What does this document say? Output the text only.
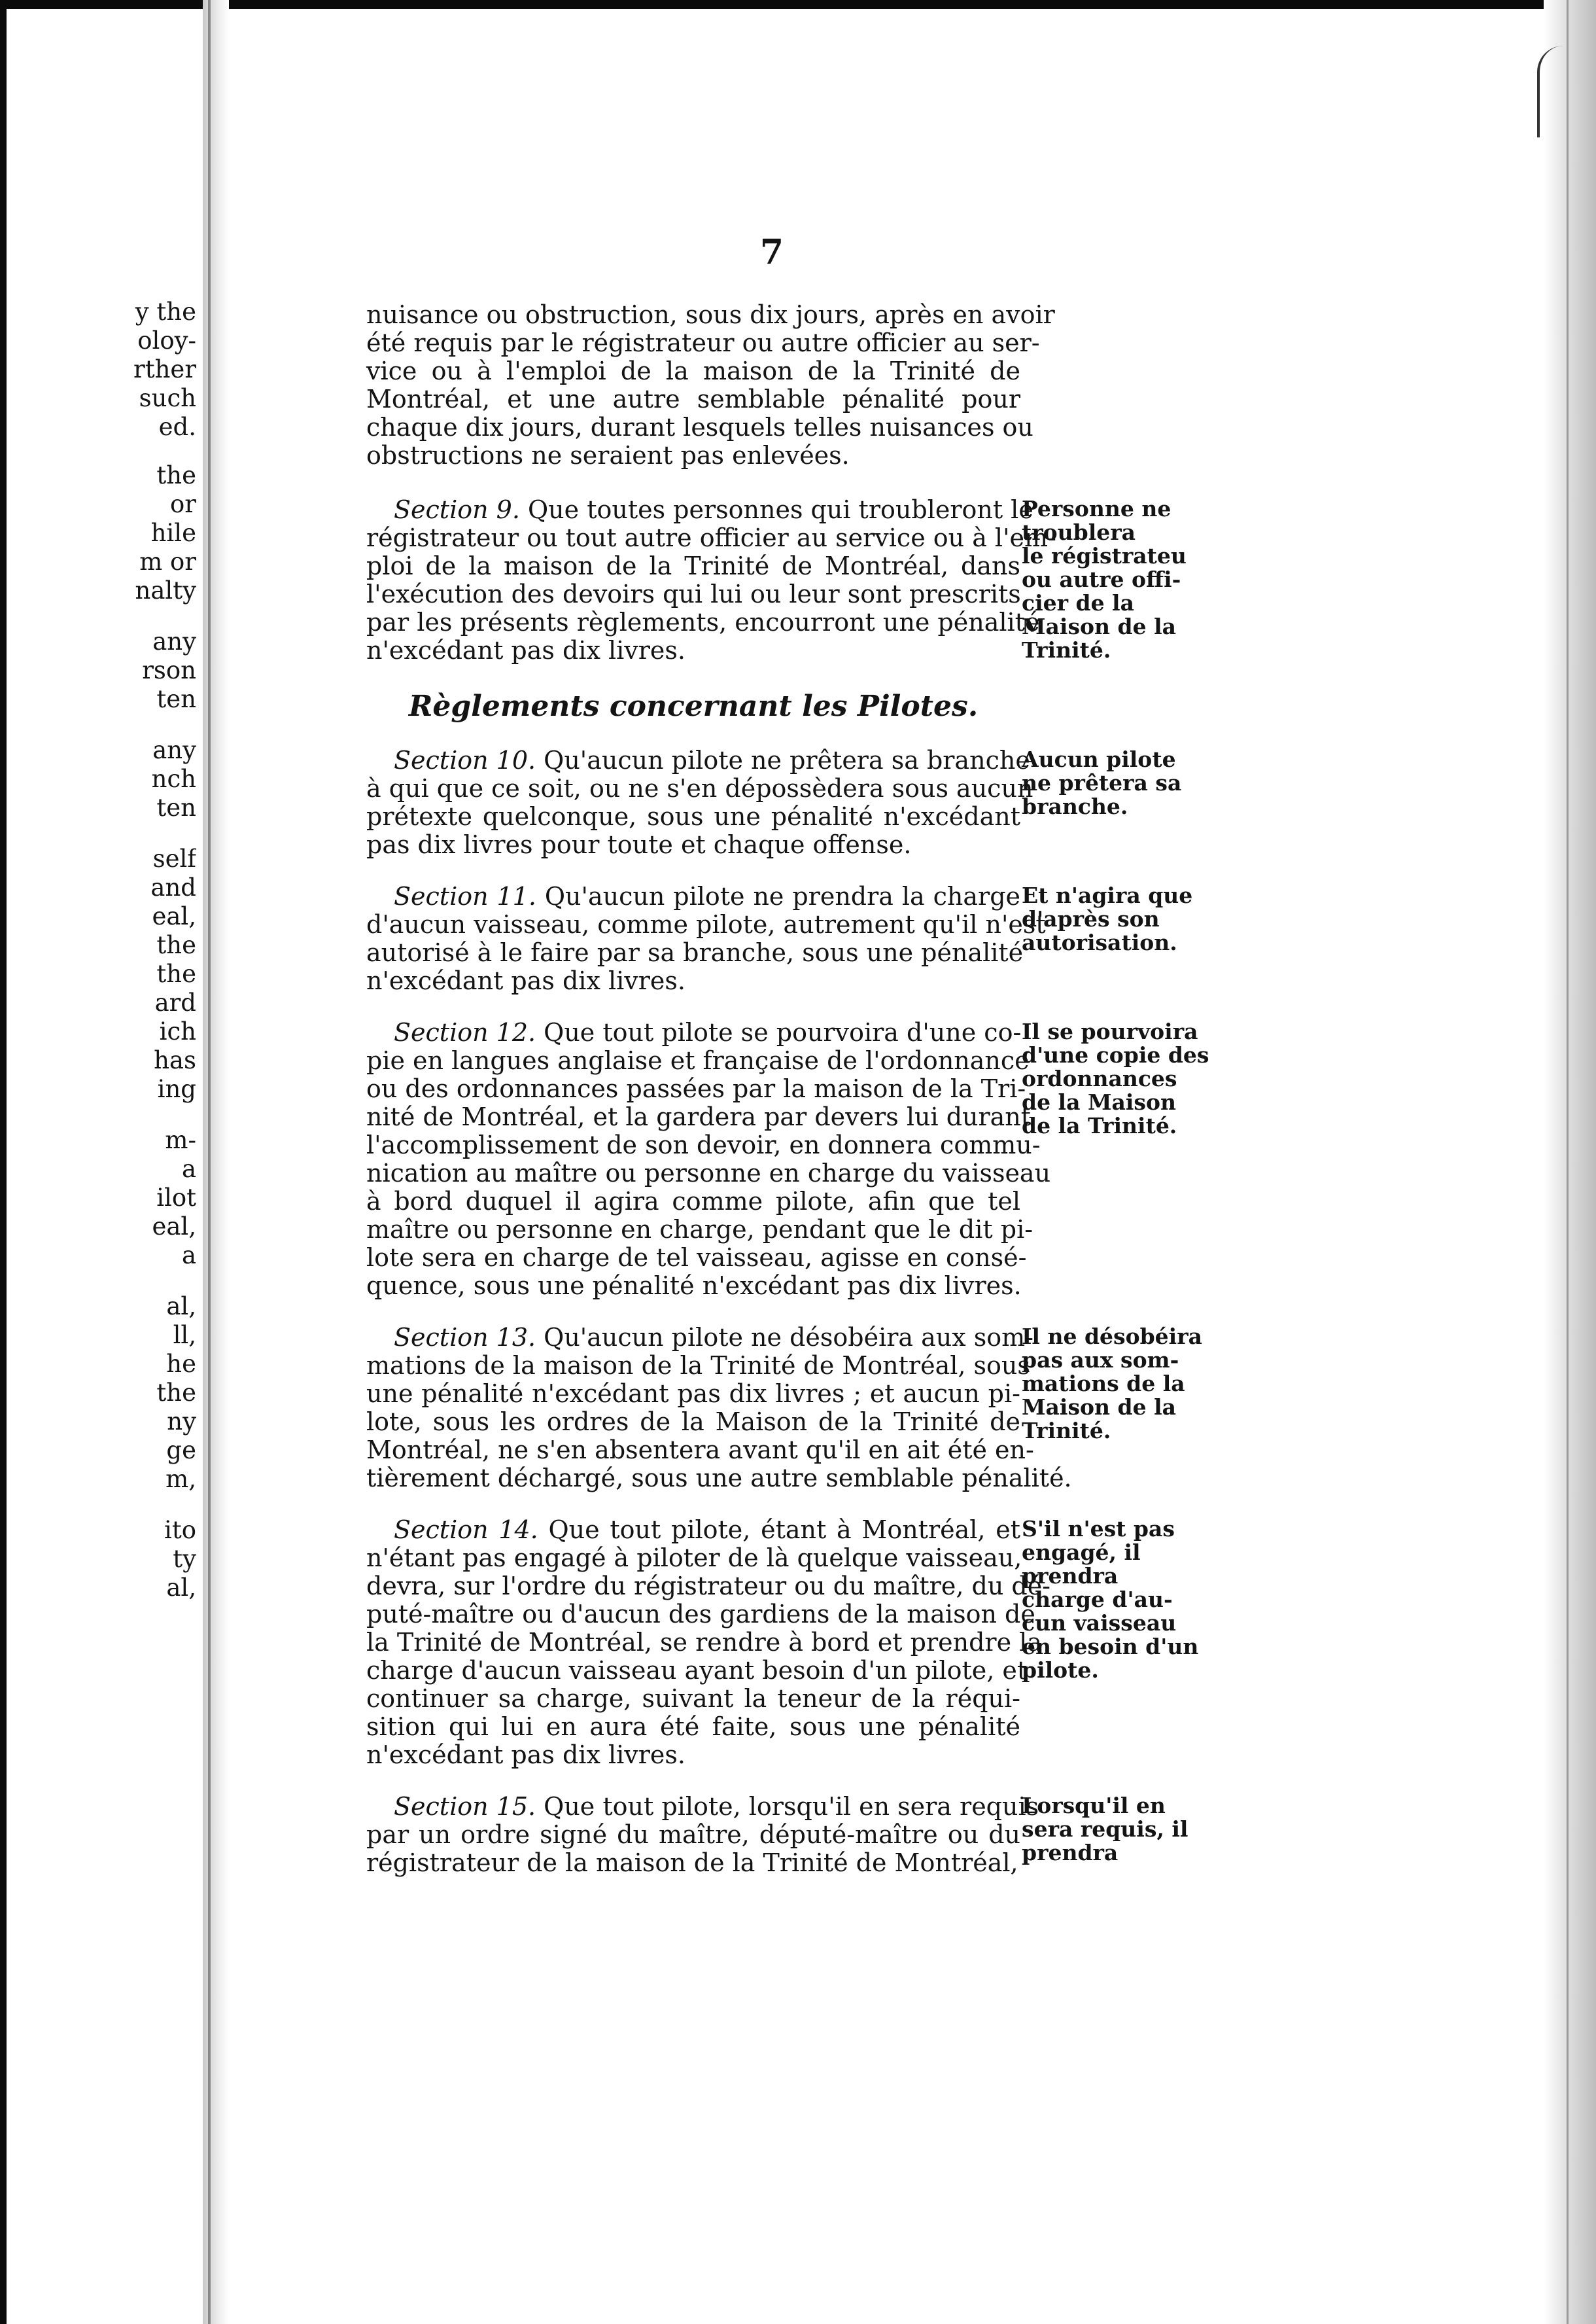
y the
oloy-
rther
such
ed.
the
or
hile
m or
nalty
any
rson
ten
any
nch
ten
self
and
eal,
the
the
ard
ich
has
ing
m-
a
ilot
eal,
a
al,
ll,
he
the
ny
ge
m,
ito
ty
al,
7

nuisance ou obstruction, sous dix jours, après en avoir
été requis par le régistrateur ou autre officier au ser-
vice ou à l'emploi de la maison de la Trinité de
Montréal, et une autre semblable pénalité pour
chaque dix jours, durant lesquels telles nuisances ou
obstructions ne seraient pas enlevées.

Section 9. Que toutes personnes qui troubleront le
régistrateur ou tout autre officier au service ou à l'em-
ploi de la maison de la Trinité de Montréal, dans
l'exécution des devoirs qui lui ou leur sont prescrits
par les présents règlements, encourront une pénalité
n'excédant pas dix livres.

Règlements concernant les Pilotes.

Section 10. Qu'aucun pilote ne prêtera sa branche
à qui que ce soit, ou ne s'en dépossèdera sous aucun
prétexte quelconque, sous une pénalité n'excédant
pas dix livres pour toute et chaque offense.

Section 11. Qu'aucun pilote ne prendra la charge
d'aucun vaisseau, comme pilote, autrement qu'il n'est
autorisé à le faire par sa branche, sous une pénalité
n'excédant pas dix livres.

Section 12. Que tout pilote se pourvoira d'une co-
pie en langues anglaise et française de l'ordonnance
ou des ordonnances passées par la maison de la Tri-
nité de Montréal, et la gardera par devers lui durant
l'accomplissement de son devoir, en donnera commu-
nication au maître ou personne en charge du vaisseau
à bord duquel il agira comme pilote, afin que tel
maître ou personne en charge, pendant que le dit pi-
lote sera en charge de tel vaisseau, agisse en consé-
quence, sous une pénalité n'excédant pas dix livres.

Section 13. Qu'aucun pilote ne désobéira aux som-
mations de la maison de la Trinité de Montréal, sous
une pénalité n'excédant pas dix livres ; et aucun pi-
lote, sous les ordres de la Maison de la Trinité de
Montréal, ne s'en absentera avant qu'il en ait été en-
tièrement déchargé, sous une autre semblable pénalité.

Section 14. Que tout pilote, étant à Montréal, et
n'étant pas engagé à piloter de là quelque vaisseau,
devra, sur l'ordre du régistrateur ou du maître, du dé-
puté-maître ou d'aucun des gardiens de la maison de
la Trinité de Montréal, se rendre à bord et prendre la
charge d'aucun vaisseau ayant besoin d'un pilote, et
continuer sa charge, suivant la teneur de la réqui-
sition qui lui en aura été faite, sous une pénalité
n'excédant pas dix livres.

Section 15. Que tout pilote, lorsqu'il en sera requis
par un ordre signé du maître, député-maître ou du
régistrateur de la maison de la Trinité de Montréal,

Personne ne
troublera
le régistrateu
ou autre offi-
cier de la
Maison de la
Trinité.
Aucun pilote
ne prêtera sa
branche.
Et n'agira que
d'après son
autorisation.
Il se pourvoira
d'une copie des
ordonnances
de la Maison
de la Trinité.
Il ne désobéira
pas aux som-
mations de la
Maison de la
Trinité.
S'il n'est pas
engagé, il
prendra
charge d'au-
cun vaisseau
en besoin d'un
pilote.
Lorsqu'il en
sera requis, il
prendra
